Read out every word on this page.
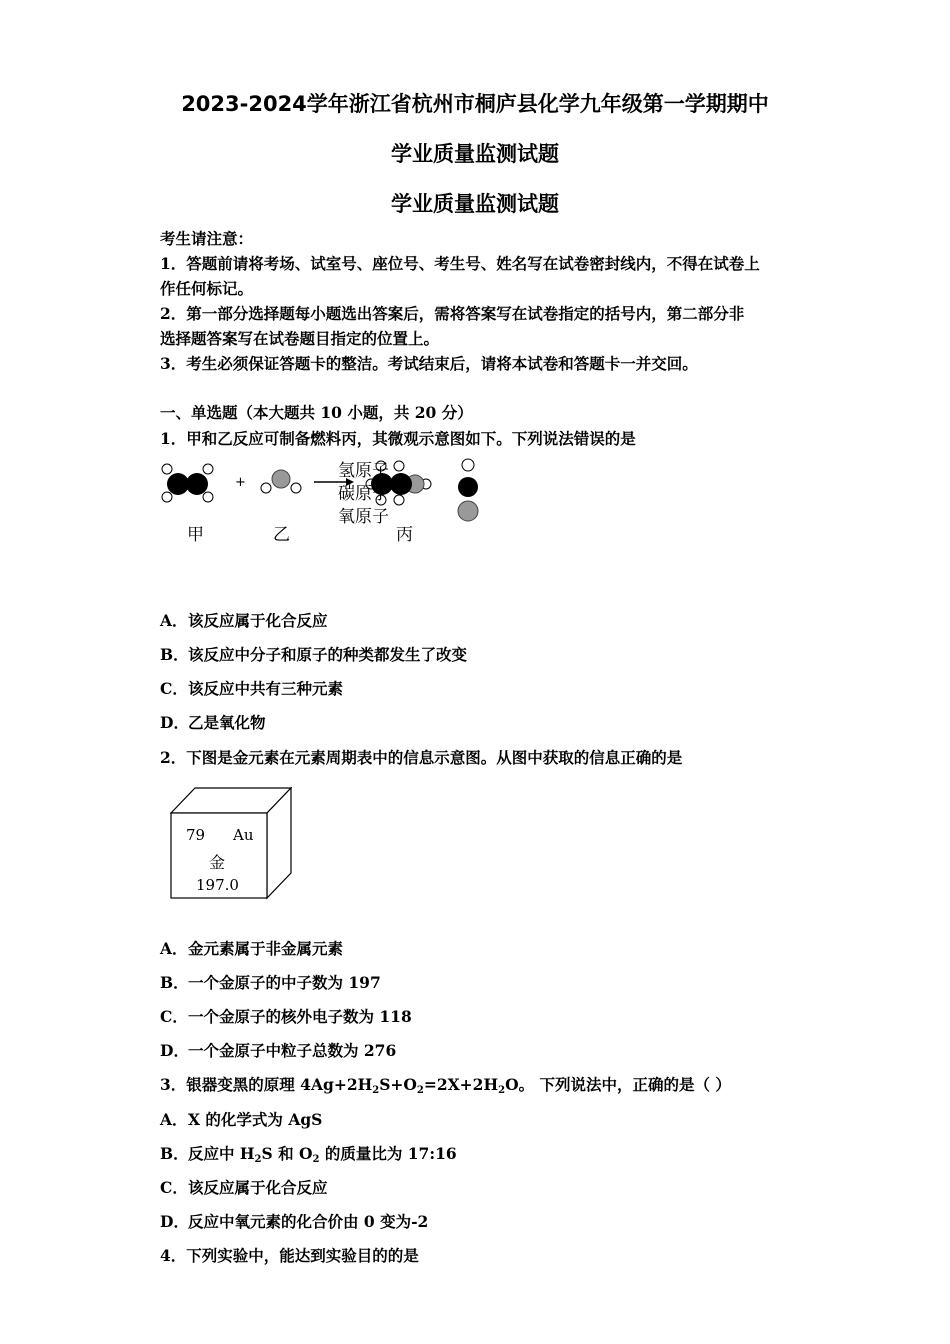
2023-2024学年浙江省杭州市桐庐县化学九年级第一学期期中
学业质量监测试题
学业质量监测试题
考生请注意：
1．答题前请将考场、试室号、座位号、考生号、姓名写在试卷密封线内，不得在试卷上
作任何标记。
2．第一部分选择题每小题选出答案后，需将答案写在试卷指定的括号内，第二部分非
选择题答案写在试卷题目指定的位置上。
3．考生必须保证答题卡的整洁。考试结束后，请将本试卷和答题卡一并交回。
一、单选题（本大题共 10 小题，共 20 分）
1．甲和乙反应可制备燃料丙，其微观示意图如下。下列说法错误的是
+
氢原子
碳原子
氧原子
甲	乙	丙
A．该反应属于化合反应
B．该反应中分子和原子的种类都发生了改变
C．该反应中共有三种元素
D．乙是氧化物
2．下图是金元素在元素周期表中的信息示意图。从图中获取的信息正确的是
79 Au
金
197.0
A．金元素属于非金属元素
B．一个金原子的中子数为 197
C．一个金原子的核外电子数为 118
D．一个金原子中粒子总数为 276
3．银器变黑的原理 $4Ag+2H_2S+O_2=2X+2H_2O$。 下列说法中，正确的是（ ）
A．X 的化学式为 AgS
B．反应中 $H_2S$ 和 $O_2$ 的质量比为 17:16
C．该反应属于化合反应
D．反应中氧元素的化合价由 0 变为-2
4．下列实验中，能达到实验目的的是
